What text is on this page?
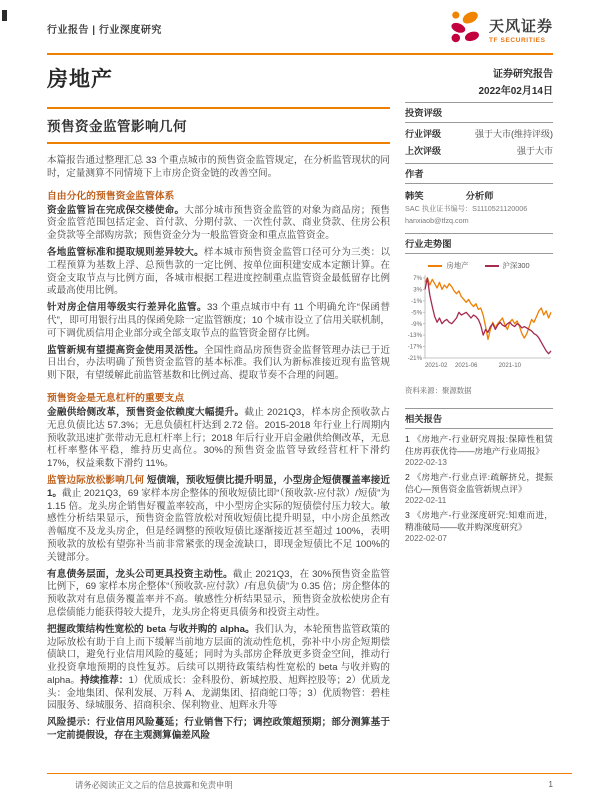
行业报告 | 行业深度研究	天风证券
TF SECURITIES
房地产
预售资金监管影响几何

本篇报告通过整理汇总 33 个重点城市的预售资金监管规定，在分析监管现状的同时，定量测算不同情境下上市房企资金链的改善空间。

自由分化的预售资金监管体系

资金监管旨在完成保交楼使命。大部分城市预售资金监管的对象为商品房；预售资金监管范围包括定金、首付款、分期付款、一次性付款、商业贷款、住房公积金贷款等全部购房款；预售资金分为一般监管资金和重点监管资金。

各地监管标准和提取规则差异较大。样本城市预售资金监管口径可分为三类：以工程预算为基数上浮、总预售款的一定比例、按单位面积建安成本定额计算。在资金支取节点与比例方面，各城市根据工程进度控制重点监管资金最低留存比例或最高使用比例。

针对房企信用等级实行差异化监管。33 个重点城市中有 11 个明确允许“保函替代”，即可用银行出具的保函免除一定监管额度；10 个城市设立了信用关联机制，可下调优质信用企业部分或全部支取节点的监管资金留存比例。

监管新规有望提高资金使用灵活性。全国性商品房预售资金监督管理办法已于近日出台，办法明确了预售资金监管的基本标准。我们认为新标准接近现有监管规则下限，有望缓解此前监管基数和比例过高、提取节奏不合理的问题。

预售资金是无息杠杆的重要支点

金融供给侧改革，预售资金依赖度大幅提升。截止 2021Q3，样本房企预收款占无息负债比达 57.3%；无息负债杠杆达到 2.72 倍。2015-2018 年行业上行周期内预收款迅速扩张带动无息杠杆率上行；2018 年后行业开启金融供给侧改革，无息杠杆率整体平稳，维持历史高位。30%的预售资金监管导致经营杠杆下滑约 17%，权益乘数下滑约 11%。

监管边际放松影响几何 短债端，预收短债比提升明显，小型房企短债覆盖率接近 1。截止 2021Q3，69 家样本房企整体的预收短债比即“（预收款-应付款）/短债”为 1.15 倍。龙头房企销售好覆盖率较高，中小型房企实际的短债偿付压力较大。敏感性分析结果显示，预售资金监管放松对预收短债比提升明显，中小房企虽然改善幅度不及龙头房企，但是经调整的预收短债比逐渐接近甚至超过 100%，表明预收款的放松有望弥补当前非常紧张的现金流缺口，即现金短债比不足 100%的关键部分。

有息债务层面，龙头公司更具投资主动性。截止 2021Q3，在 30%预售资金监管比例下，69 家样本房企整体“（预收款-应付款）/有息负债”为 0.35 倍；房企整体的预收款对有息债务覆盖率并不高。敏感性分析结果显示，预售资金放松使房企有息偿债能力能获得较大提升，龙头房企将更具债务和投资主动性。

把握政策结构性宽松的 beta 与收并购的 alpha。我们认为，本轮预售监管政策的边际放松有助于自上而下缓解当前地方层面的流动性危机，弥补中小房企短期偿债缺口，避免行业信用风险的蔓延；同时为头部房企释放更多资金空间，推动行业投资拿地预期的良性复苏。后续可以期待政策结构性宽松的 beta 与收并购的 alpha。持续推荐：1）优质成长：金科股份、新城控股、旭辉控股等；2）优质龙头：金地集团、保利发展、万科 A、龙湖集团、招商蛇口等；3）优质物管：碧桂园服务、绿城服务、招商积余、保利物业、旭辉永升等

风险提示：行业信用风险蔓延；行业销售下行；调控政策超预期；部分测算基于一定前提假设，存在主观测算偏差风险

证券研究报告
2022年02月14日
投资评级
行业评级	强于大市(维持评级)
上次评级	强于大市
作者
韩笑	分析师
SAC 执业证书编号：S1110521120006
hanxiaob@tfzq.com
行业走势图
房地产	沪深300
7%
3%
-1%
-5%
-9%
-13%
-17%
-21%
2021-02 2021-06	2021-10
资料来源：聚源数据
相关报告
1 《房地产-行业研究周报:保障性租赁住房再获优待——房地产行业周报》
2022-02-13
2 《房地产-行业点评:疏解挤兑，提振信心—预售资金监管新规点评》
2022-02-11
3 《房地产-行业深度研究:知难而进，精准破局——收并购深度研究》
2022-02-07
请务必阅读正文之后的信息披露和免责申明	1
